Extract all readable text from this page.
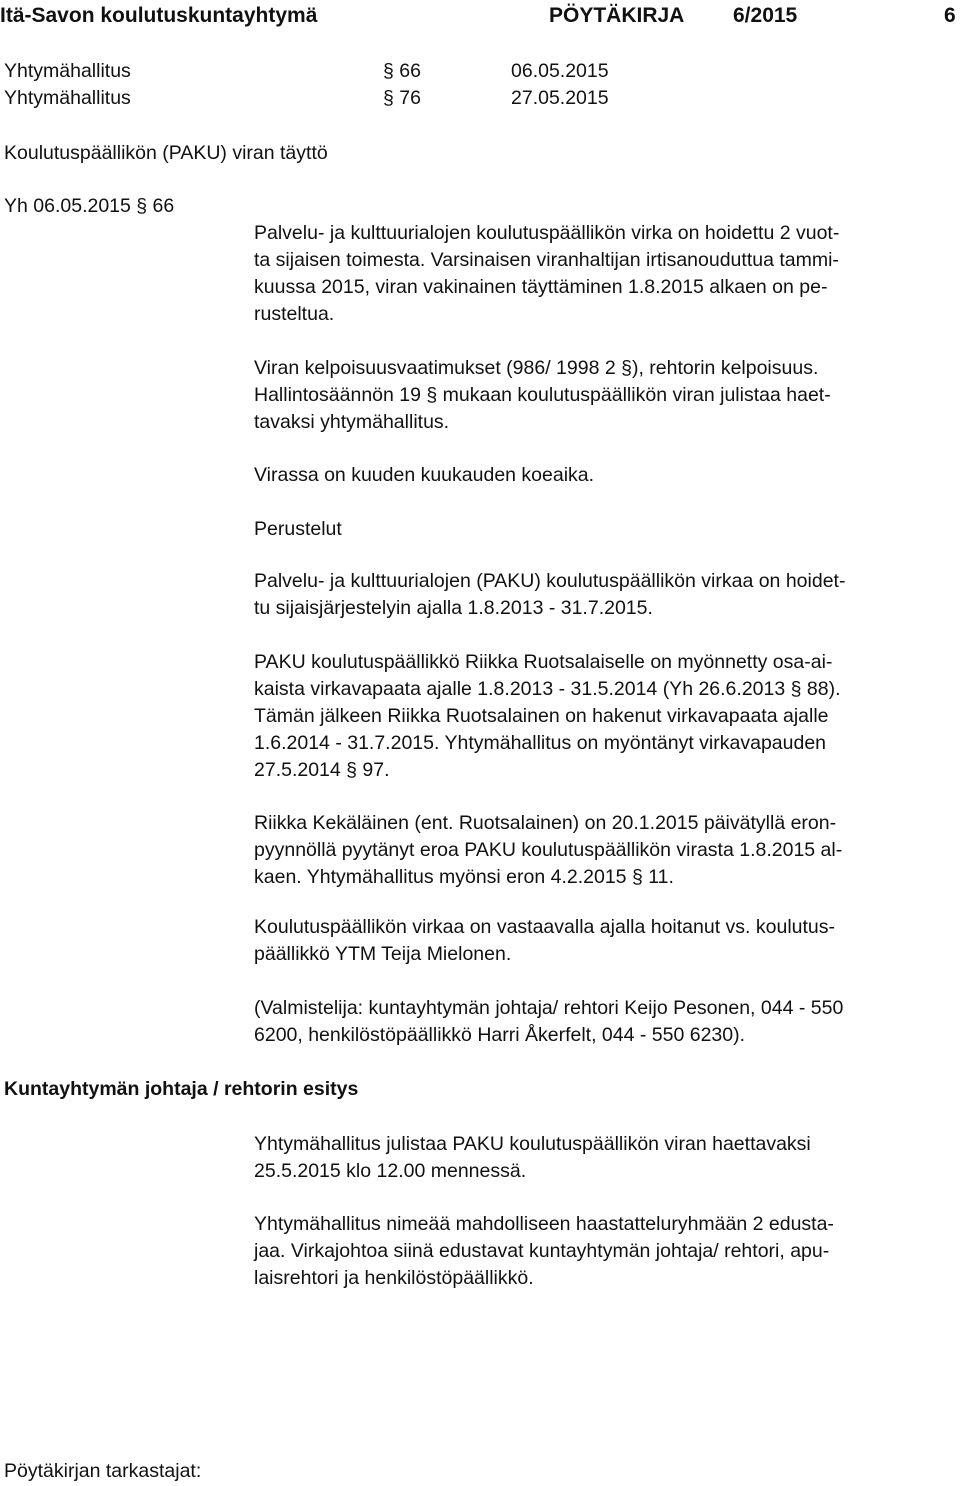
Itä-Savon koulutuskuntayhtymä	PÖYTÄKIRJA 6/2015	6
Yhtymähallitus	§ 66	06.05.2015
Yhtymähallitus	§ 76	27.05.2015
Koulutuspäällikön (PAKU) viran täyttö
Yh 06.05.2015 § 66
Palvelu- ja kulttuurialojen koulutuspäällikön virka on hoidettu 2 vuot-
ta sijaisen toimesta. Varsinaisen viranhaltijan irtisanouduttua tammi-
kuussa 2015, viran vakinainen täyttäminen 1.8.2015 alkaen on pe-
rusteltua.
Viran kelpoisuusvaatimukset (986/ 1998 2 §), rehtorin kelpoisuus.
Hallintosäännön 19 § mukaan koulutuspäällikön viran julistaa haet-
tavaksi yhtymähallitus.
Virassa on kuuden kuukauden koeaika.
Perustelut
Palvelu- ja kulttuurialojen (PAKU) koulutuspäällikön virkaa on hoidet-
tu sijaisjärjestelyin ajalla 1.8.2013 - 31.7.2015.
PAKU koulutuspäällikkö Riikka Ruotsalaiselle on myönnetty osa-ai-
kaista virkavapaata ajalle 1.8.2013 - 31.5.2014 (Yh 26.6.2013 § 88).
Tämän jälkeen Riikka Ruotsalainen on hakenut virkavapaata ajalle
1.6.2014 - 31.7.2015. Yhtymähallitus on myöntänyt virkavapauden
27.5.2014 § 97.
Riikka Kekäläinen (ent. Ruotsalainen) on 20.1.2015 päivätyllä eron-
pyynnöllä pyytänyt eroa PAKU koulutuspäällikön virasta 1.8.2015 al-
kaen. Yhtymähallitus myönsi eron 4.2.2015 § 11.
Koulutuspäällikön virkaa on vastaavalla ajalla hoitanut vs. koulutus-
päällikkö YTM Teija Mielonen.
(Valmistelija: kuntayhtymän johtaja/ rehtori Keijo Pesonen, 044 - 550
6200, henkilöstöpäällikkö Harri Åkerfelt, 044 - 550 6230).
Kuntayhtymän johtaja / rehtorin esitys
Yhtymähallitus julistaa PAKU koulutuspäällikön viran haettavaksi
25.5.2015 klo 12.00 mennessä.
Yhtymähallitus nimeää mahdolliseen haastatteluryhmään 2 edusta-
jaa. Virkajohtoa siinä edustavat kuntayhtymän johtaja/ rehtori, apu-
laisrehtori ja henkilöstöpäällikkö.
Pöytäkirjan tarkastajat:
